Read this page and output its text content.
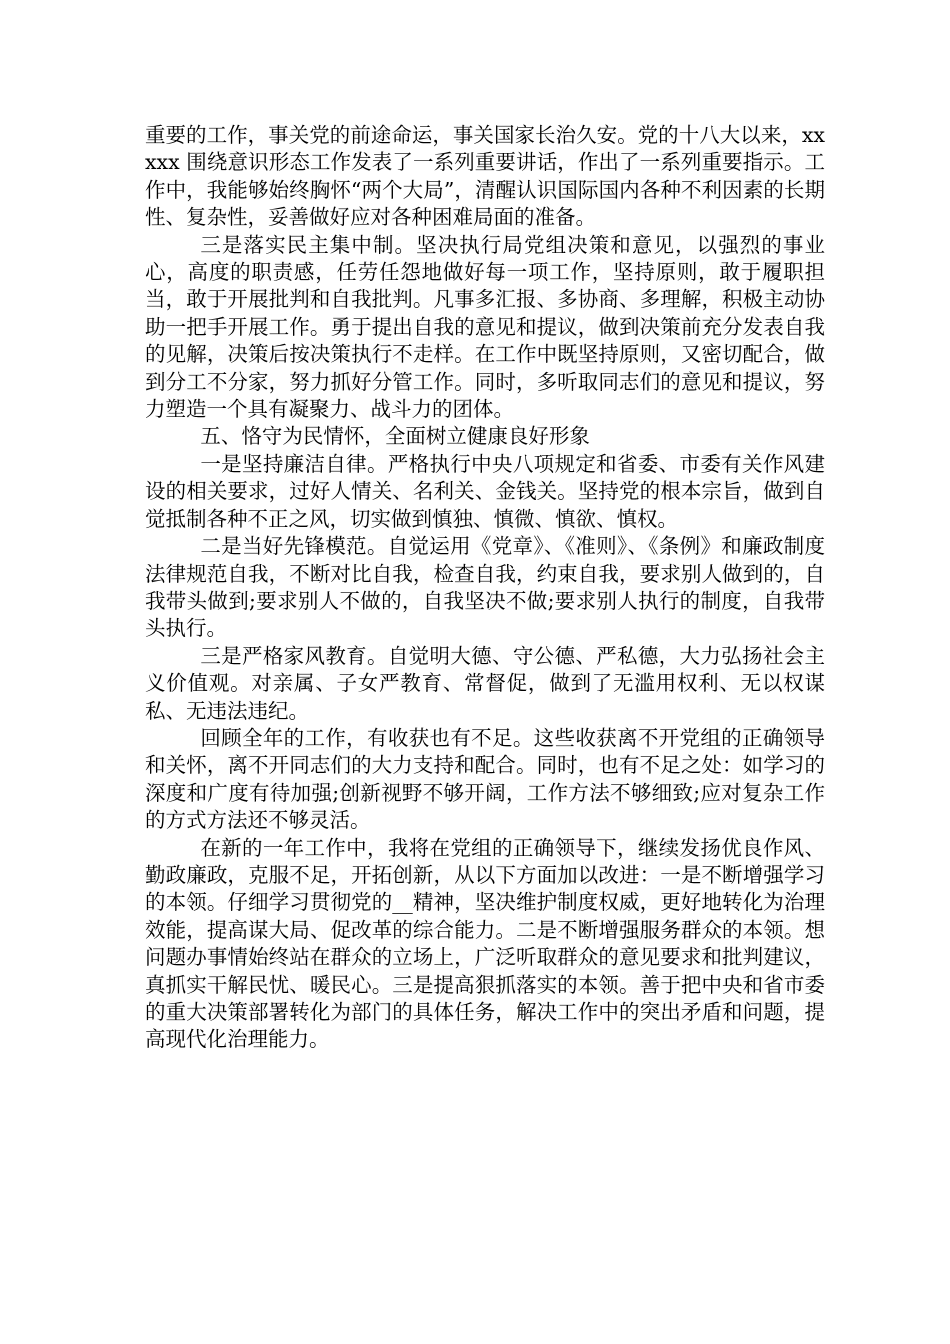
重要的工作，事关党的前途命运，事关国家长治久安。党的十八大以来，xxxxx 围绕意识形态工作发表了一系列重要讲话，作出了一系列重要指示。工作中，我能够始终胸怀“两个大局”，清醒认识国际国内各种不利因素的长期性、复杂性，妥善做好应对各种困难局面的准备。

三是落实民主集中制。坚决执行局党组决策和意见，以强烈的事业心，高度的职责感，任劳任怨地做好每一项工作，坚持原则，敢于履职担当，敢于开展批判和自我批判。凡事多汇报、多协商、多理解，积极主动协助一把手开展工作。勇于提出自我的意见和提议，做到决策前充分发表自我的见解，决策后按决策执行不走样。在工作中既坚持原则，又密切配合，做到分工不分家，努力抓好分管工作。同时，多听取同志们的意见和提议，努力塑造一个具有凝聚力、战斗力的团体。

五、恪守为民情怀，全面树立健康良好形象

一是坚持廉洁自律。严格执行中央八项规定和省委、市委有关作风建设的相关要求，过好人情关、名利关、金钱关。坚持党的根本宗旨，做到自觉抵制各种不正之风，切实做到慎独、慎微、慎欲、慎权。

二是当好先锋模范。自觉运用《党章》、《准则》、《条例》和廉政制度法律规范自我，不断对比自我，检查自我，约束自我，要求别人做到的，自我带头做到;要求别人不做的，自我坚决不做;要求别人执行的制度，自我带头执行。

三是严格家风教育。自觉明大德、守公德、严私德，大力弘扬社会主义价值观。对亲属、子女严教育、常督促，做到了无滥用权利、无以权谋私、无违法违纪。

回顾全年的工作，有收获也有不足。这些收获离不开党组的正确领导和关怀，离不开同志们的大力支持和配合。同时，也有不足之处：如学习的深度和广度有待加强;创新视野不够开阔，工作方法不够细致;应对复杂工作的方式方法还不够灵活。

在新的一年工作中，我将在党组的正确领导下，继续发扬优良作风、勤政廉政，克服不足，开拓创新，从以下方面加以改进：一是不断增强学习的本领。仔细学习贯彻党的__精神，坚决维护制度权威，更好地转化为治理效能，提高谋大局、促改革的综合能力。二是不断增强服务群众的本领。想问题办事情始终站在群众的立场上，广泛听取群众的意见要求和批判建议，真抓实干解民忧、暖民心。三是提高狠抓落实的本领。善于把中央和省市委的重大决策部署转化为部门的具体任务，解决工作中的突出矛盾和问题，提高现代化治理能力。
